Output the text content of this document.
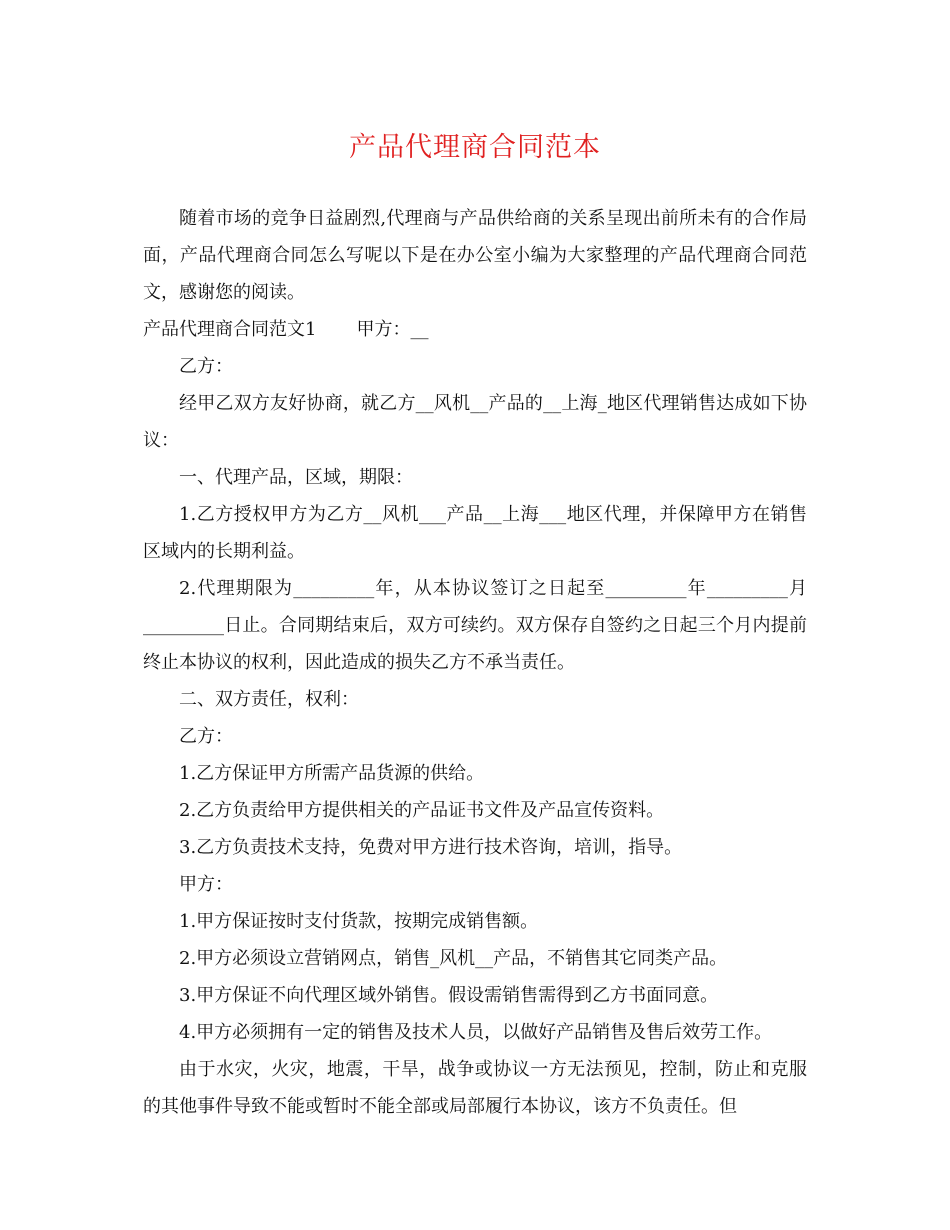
产品代理商合同范本

随着市场的竞争日益剧烈,代理商与产品供给商的关系呈现出前所未有的合作局面，产品代理商合同怎么写呢以下是在办公室小编为大家整理的产品代理商合同范文，感谢您的阅读。

产品代理商合同范文1 甲方：__

乙方：

经甲乙双方友好协商，就乙方__风机__产品的__上海_地区代理销售达成如下协议：

一、代理产品，区域，期限：

1.乙方授权甲方为乙方__风机___产品__上海___地区代理，并保障甲方在销售区域内的长期利益。

2.代理期限为_________年，从本协议签订之日起至_________年_________月_________日止。合同期结束后，双方可续约。双方保存自签约之日起三个月内提前终止本协议的权利，因此造成的损失乙方不承当责任。

二、双方责任，权利：

乙方：

1.乙方保证甲方所需产品货源的供给。

2.乙方负责给甲方提供相关的产品证书文件及产品宣传资料。

3.乙方负责技术支持，免费对甲方进行技术咨询，培训，指导。

甲方：

1.甲方保证按时支付货款，按期完成销售额。

2.甲方必须设立营销网点，销售_风机__产品，不销售其它同类产品。

3.甲方保证不向代理区域外销售。假设需销售需得到乙方书面同意。

4.甲方必须拥有一定的销售及技术人员，以做好产品销售及售后效劳工作。

由于水灾，火灾，地震，干旱，战争或协议一方无法预见，控制，防止和克服的其他事件导致不能或暂时不能全部或局部履行本协议，该方不负责任。但
